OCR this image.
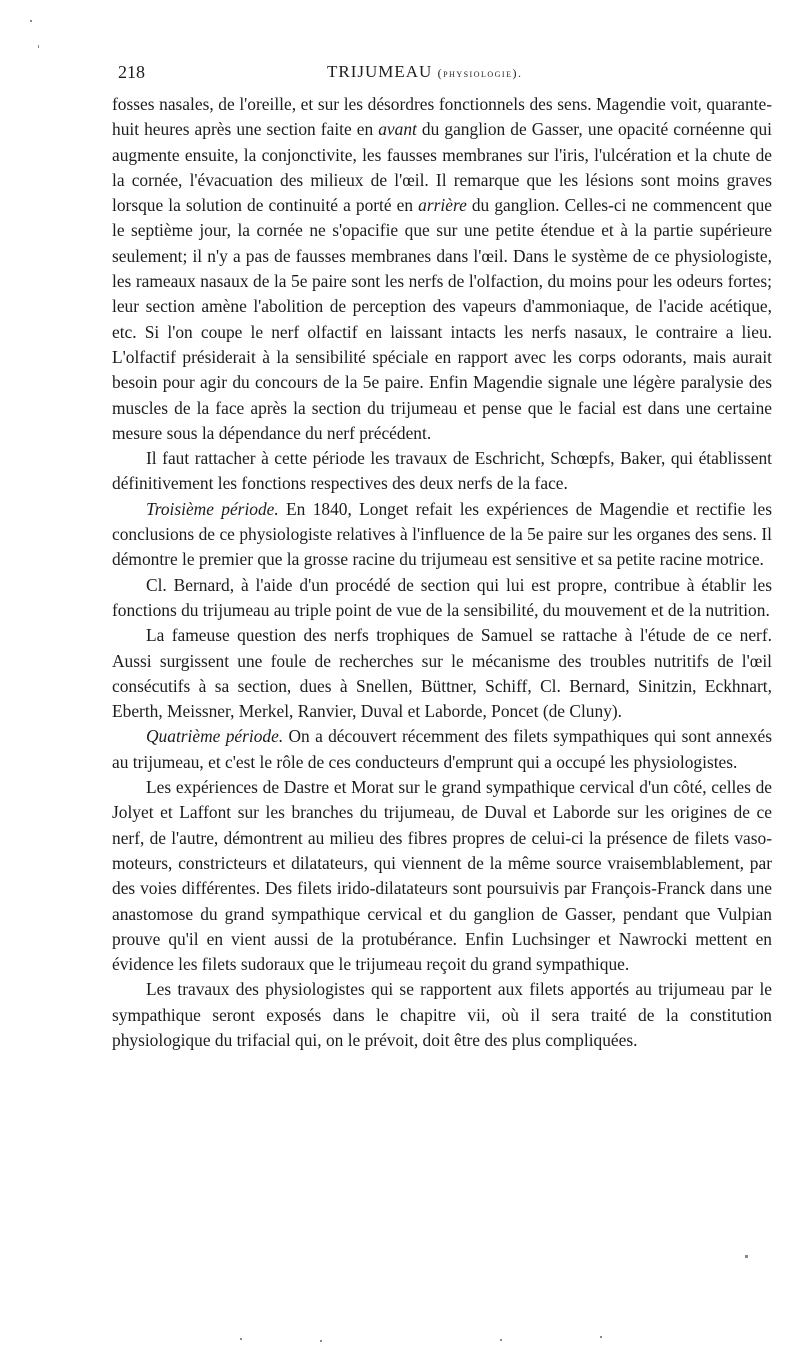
218	TRIJUMEAU (physiologie).

fosses nasales, de l'oreille, et sur les désordres fonctionnels des sens. Magendie voit, quarante-huit heures après une section faite en avant du ganglion de Gasser, une opacité cornéenne qui augmente ensuite, la conjonctivite, les fausses membranes sur l'iris, l'ulcération et la chute de la cornée, l'évacuation des milieux de l'œil. Il remarque que les lésions sont moins graves lorsque la solution de continuité a porté en arrière du ganglion. Celles-ci ne commencent que le septième jour, la cornée ne s'opacifie que sur une petite étendue et à la partie supérieure seulement; il n'y a pas de fausses membranes dans l'œil. Dans le système de ce physiologiste, les rameaux nasaux de la 5e paire sont les nerfs de l'olfaction, du moins pour les odeurs fortes; leur section amène l'abolition de perception des vapeurs d'ammoniaque, de l'acide acétique, etc. Si l'on coupe le nerf olfactif en laissant intacts les nerfs nasaux, le contraire a lieu. L'olfactif présiderait à la sensibilité spéciale en rapport avec les corps odorants, mais aurait besoin pour agir du concours de la 5e paire. Enfin Magendie signale une légère paralysie des muscles de la face après la section du trijumeau et pense que le facial est dans une certaine mesure sous la dépendance du nerf précédent.

Il faut rattacher à cette période les travaux de Eschricht, Schœpfs, Baker, qui établissent définitivement les fonctions respectives des deux nerfs de la face.

Troisième période. En 1840, Longet refait les expériences de Magendie et rectifie les conclusions de ce physiologiste relatives à l'influence de la 5e paire sur les organes des sens. Il démontre le premier que la grosse racine du trijumeau est sensitive et sa petite racine motrice.

Cl. Bernard, à l'aide d'un procédé de section qui lui est propre, contribue à établir les fonctions du trijumeau au triple point de vue de la sensibilité, du mouvement et de la nutrition.

La fameuse question des nerfs trophiques de Samuel se rattache à l'étude de ce nerf. Aussi surgissent une foule de recherches sur le mécanisme des troubles nutritifs de l'œil consécutifs à sa section, dues à Snellen, Büttner, Schiff, Cl. Bernard, Sinitzin, Eckhnart, Eberth, Meissner, Merkel, Ranvier, Duval et Laborde, Poncet (de Cluny).

Quatrième période. On a découvert récemment des filets sympathiques qui sont annexés au trijumeau, et c'est le rôle de ces conducteurs d'emprunt qui a occupé les physiologistes.

Les expériences de Dastre et Morat sur le grand sympathique cervical d'un côté, celles de Jolyet et Laffont sur les branches du trijumeau, de Duval et Laborde sur les origines de ce nerf, de l'autre, démontrent au milieu des fibres propres de celui-ci la présence de filets vaso-moteurs, constricteurs et dilatateurs, qui viennent de la même source vraisemblablement, par des voies différentes. Des filets irido-dilatateurs sont poursuivis par François-Franck dans une anastomose du grand sympathique cervical et du ganglion de Gasser, pendant que Vulpian prouve qu'il en vient aussi de la protubérance. Enfin Luchsinger et Nawrocki mettent en évidence les filets sudoraux que le trijumeau reçoit du grand sympathique.

Les travaux des physiologistes qui se rapportent aux filets apportés au trijumeau par le sympathique seront exposés dans le chapitre vii, où il sera traité de la constitution physiologique du trifacial qui, on le prévoit, doit être des plus compliquées.
